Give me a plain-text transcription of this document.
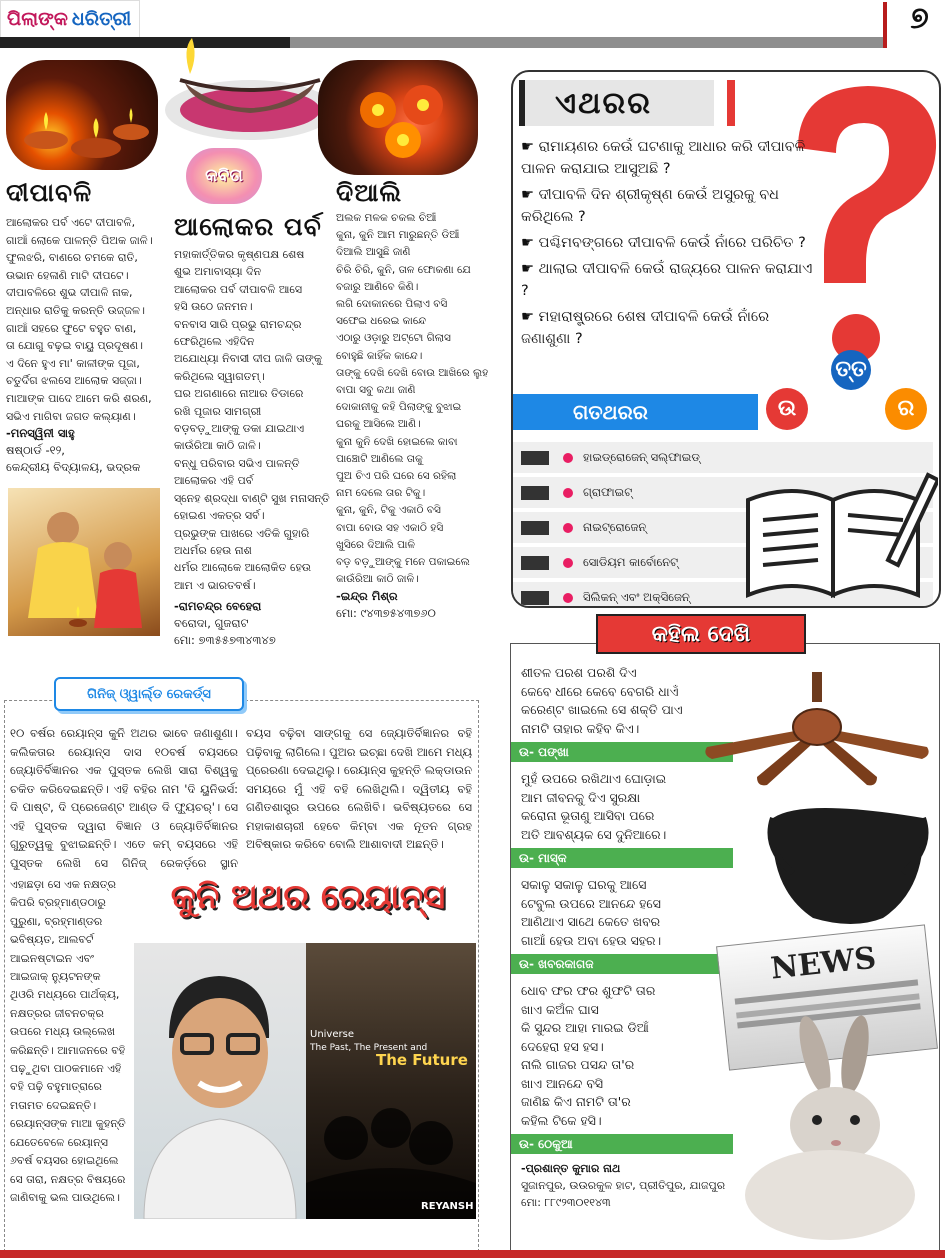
ପିଲାଙ୍କ ଧରିତ୍ରୀ	୭
କବିତା
ଦୀପାବଳି

ଆଲୋକର ପର୍ବ ଏଟେ ଦୀପାବଳି,

ଗାଆଁ ଲୋକେ ପାଳନ୍ତି ପିଅକ ଜାଳି।

ଫୁଲଝରି, ବାଣରେ ଚମକେ ରାତି,

ଉଭାନ ହେଳାଣି ମାଟି ଦୀପଟେ।

ଦୀପାବଳିରେ ଶୁଭ ଦୀପାଳି ନାକ,

ଅନ୍ଧାର ରାତିକୁ କରନ୍ତି ଉଜ୍ଜଳ।

ଗାଆଁ ସହରେ ଫୁଟେ ବହୁତ ବାଣ,

ତା ଯୋଗୁ ବଢ଼ଇ ବାୟୁ ପ୍ରଦୂଷଣ।

ଏ ଦିନେ ହୁଏ ମା' କାଳୀଙ୍କ ପୂଜା,

ଚତୁର୍ଦିଗ ଝଲସେ ଆଲୋକ ସଜ୍ଜା।

ମାଆଙ୍କ ପାଦେ ଆମେ କରି ଶରଣ,

ସଭିଏ ମାଗିବା ଜଗତ କଲ୍ୟାଣ।

-ମନସ୍ୱିନୀ ସାହୁ
ଷଷ୍ଠାର୍ଡ -୧୨,
କେନ୍ଦ୍ରୀୟ ବିଦ୍ୟାଳୟ, ଭଦ୍ରକ
ଆଲୋକର ପର୍ବ

ମହାକାର୍ତ୍ତିକର କୃଷ୍ଣପକ୍ଷ ଶେଷ

ଶୁଭ ଅମାବାସ୍ୟା ଦିନ

ଆଲୋକର ପର୍ବ ଦୀପାବଳି ଆସେ

ହସି ଉଠେ ଜନମନ।

ବନବାସ ସାରି ପ୍ରଭୁ ରାମଚନ୍ଦ୍ର

ଫେରିଥିଲେ ଏହିଦିନ

ଅଯୋଧ୍ୟା ନିବାସୀ ଦୀପ ଜାଳି ତାଙ୍କୁ

କରିଥିଲେ ସ୍ୱାଗତମ୍।

ଘର ଅଗଣାରେ ନାଆର ତିଡାରେ

ରଖି ପୂଜାର ସାମଗ୍ରୀ

ବଡ଼ବଡ଼ୁଆଙ୍କୁ ଡକା ଯାଇଥାଏ

କାଉଁରିଆ କାଠି ଜାଳି।

ବନ୍ଧୁ ପରିବାର ସଭିଏ ପାଳନ୍ତି

ଆଲୋକର ଏହି ପର୍ବ

ସ୍ନେହ ଶ୍ରଦ୍ଧା ବାଣ୍ଟି ସୁଖ ମନାସନ୍ତି

ହୋଇଣ ଏକତ୍ର ସର୍ବ।

ପ୍ରଭୁଙ୍କ ପାଖରେ ଏତିକି ଗୁହାରି

ଅଧର୍ମର ହେଉ ନାଶ

ଧର୍ମର ଆଲୋକେ ଆଲୋକିତ ହେଉ

ଆମ ଏ ଭାରତବର୍ଷ।

-ରାମଚନ୍ଦ୍ର ବେହେରା
ବରୋଦା, ଗୁଜରାଟ
ମୋ: ୭୩୫୫୭୩୪୩୪୭
ଦିଆଲି

ଅଲକ ମଳକ ଚକଲ ଚିଆଁ

କୁନା, କୁନି ଆମ ମାରୁଛନ୍ତି ଡିଆଁ

ଦିଆଲି ଆସୁଛି ଜାଣି

ଚିରି ଚିରି, କୁନି, ତାଳ ଫୋକଣା ଯେ

ବଜାରୁ ଆଣିବେ କିଣି।

ଲଗି ଦୋକାନରେ ପିଲାଏ ବସି

ସଫେଇ ଧରେଇ କାନ୍ଦେ

ଏଠାରୁ ଓଡ଼ାରୁ ଅଟ୍ଟୋ ଗିଲାସ

ବୋହୁଛି କାହିଁକ କାନ୍ଦେ।

ତାଙ୍କୁ ଦେଖି ଦେଖି ବୋଉ ଆଖିରେ ଲୁହ

ବାପା ସବୁ କଥା ଜାଣି

ଦୋକାନୀକୁ କହି ପିଲାଙ୍କୁ ବୁଝାଇ

ଘରକୁ ଆସିଲେ ଆଣି।

କୁନା କୁନି ଦେଖି ହୋଇଲେ କାବା

ପାଞ୍ଚୋଟି ଆଣିଲେ ତାକୁ

ପୁଅ ଚିଏ ପରି ଘରେ ସେ ରହିଲା

ନାମ ଦେଲେ ତାର ଟିକୁ।

କୁନା, କୁନି, ଟିକୁ ଏକାଠି ବସି

ବାପା ବୋଉ ସହ ଏକାଠି ହସି

ଖୁସିରେ ଦିଆଲି ପାଳି

ବଡ଼ ବଡ଼ୁଆଙ୍କୁ ମନେ ପକାଇଲେ

କାଉଁରିଆ କାଠି ଜାଳି।

-ଇନ୍ଦ୍ର ମିଶ୍ର
ମୋ: ୯୪୩୭୫୪୩୭୬୦
ଏଥରର
☛ ରାମାୟଣର କେଉଁ ଘଟଣାକୁ ଆଧାର କରି ଦୀପାବଳି ପାଳନ କରାଯାଇ ଆସୁଅଛି ?
☛ ଦୀପାବଳି ଦିନ ଶ୍ରୀକୃଷ୍ଣ କେଉଁ ଅସୁରକୁ ବଧ କରିଥିଲେ ?
☛ ପଶ୍ଚିମବଙ୍ଗରେ ଦୀପାବଳି କେଉଁ ନାଁରେ ପରିଚିତ ?
☛ ଥାଲାଇ ଦୀପାବଳି କେଉଁ ରାଜ୍ୟରେ ପାଳନ କରାଯାଏ ?
☛ ମହାରାଷ୍ଟ୍ରରେ ଶେଷ ଦୀପାବଳି କେଉଁ ନାଁରେ ଜଣାଶୁଣା ?
ତ୍ତ
ଉ	ର
ଗତଥରର
ହାଇଡ୍ରୋଜେନ୍ ସଲ୍‌ଫାଇଡ୍
ଗ୍ରାଫାଇଟ୍
ନାଇଟ୍ରୋଜେନ୍
ସୋଡିୟମ କାର୍ବୋନେଟ୍
ସିଲିକନ୍ ଏବଂ ଅକ୍ସିଜେନ୍
କହିଲ ଦେଖି
ଶୀତଳ ପରଶ ପରଶି ଦିଏ
କେବେ ଧୀରେ କେବେ ବେଗରି ଧାଏଁ
କରେଣ୍ଟ ଖାଇଲେ ସେ ଶକ୍ତି ପାଏ
ନାମଟି ତାହାର କହିବ କିଏ।
ଉ- ପଙ୍ଖା
ମୁହଁ ଉପରେ ରଖିଥାଏ ଘୋଡ଼ାଇ
ଆମ ଜୀବନକୁ ଦିଏ ସୁରକ୍ଷା
କରୋନା ଭୂତାଣୁ ଆସିବା ପରେ
ଅତି ଆବଶ୍ୟକ ସେ ଦୁନିଆରେ।
ଉ- ମାସ୍କ
ସକାଳୁ ସକାଳୁ ଘରକୁ ଆସେ
ଟେବୁଲ ଉପରେ ଆନନ୍ଦେ ହସେ
ଆଣିଥାଏ ସାଥେ କେତେ ଖବର
ଗାଆଁ ହେଉ ଅବା ହେଉ ସହର।
ଉ- ଖବରକାଗଜ
ଧୋବ ଫର ଫର ଶୁଫଟି ତାର
ଖାଏ କଅଁଳ ଘାସ
କି ସୁନ୍ଦର ଆହା ମାରଇ ଡିଆଁ
ଦେହେରା ହସ ହସ।
ନାଲି ଗାଜର ପସନ୍ଦ ତା'ର
ଖାଏ ଆନନ୍ଦେ ବସି
ଜାଣିଛ କିଏ ନାମଟି ତା'ର
କହିଲ ଟିକେ ହସି।
ଉ- ଠେକୁଆ
-ପ୍ରଶାନ୍ତ କୁମାର ନାଥ
ସୁଜାନପୁର, ଉଉରକୁଳ ହାଟ, ପ୍ରୀତିପୁର, ଯାଜପୁର
ମୋ: ୮୮୯୨୩୦୧୧୪୩
NEWS
ଗିନିଜ୍ ଓ୍ୱାର୍ଲ୍ଡ ରେକର୍ଡ୍ସ
୧୦ ବର୍ଷର ରେୟାନ୍ସ କୁନି ଅଥର ଭାବେ ଜଣାଶୁଣା। କଲିକତାର ରେୟାନ୍ସ ଦାସ ୧୦ବର୍ଷ ବୟସରେ ଜ୍ୟୋତିର୍ବିଜ୍ଞାନର ଏକ ପୁସ୍ତକ ଲେଖି ସାରା ବିଶ୍ୱକୁ ଚକିତ କରିଦେଇଛନ୍ତି। ଏହି ବହିର ନାମ 'ଦି ୟୁନିଭର୍ସ: ଦି ପାଷ୍ଟ, ଦି ପ୍ରେଜେଣ୍ଟ ଆଣ୍ଡ ଦି ଫ୍ୟୁଚର୍'। ସେ ଏହି ପୁସ୍ତକ ଦ୍ୱାରା ବିଜ୍ଞାନ ଓ ଜ୍ୟୋତିର୍ବିଜ୍ଞାନର ଗୁରୁତ୍ୱକୁ ବୁଝାଇଛନ୍ତି। ଏତେ କମ୍ ବୟସରେ ଏହି ପୁସ୍ତକ ଲେଖି ସେ ଗିନିଜ୍ ରେକର୍ଡ଼ରେ ସ୍ଥାନ
ବୟସ ବଢ଼ିବା ସାଙ୍ଗକୁ ସେ ଜ୍ୟୋତିର୍ବିଜ୍ଞାନର ବହି ପଢ଼ିବାକୁ ଲାଗିଲେ। ପୁଅର ଇଚ୍ଛା ଦେଖି ଆମେ ମଧ୍ୟ ପ୍ରେରଣା ଦେଇଥିଲୁ। ରେୟାନ୍ସ କୁହନ୍ତି ଲକ୍‌ଡାଉନ ସମୟରେ ମୁଁ ଏହି ବହି ଲେଖିଥିଲି। ଦ୍ୱିତୀୟ ବହି ଗଣିତଶାସ୍ତ୍ର ଉପରେ ଲେଖିବି। ଭବିଷ୍ୟତରେ ସେ ମହାକାଶଚାରୀ ହେବେ କିମ୍ବା ଏକ ନୂତନ ଗ୍ରହ ଅବିଷ୍କାର କରିବେ ବୋଲି ଆଶାବାଦୀ ଅଛନ୍ତି।
କୁନି ଅଥର ରେୟାନ୍ସ
ଏହାଛଡ଼ା ସେ ଏକ ନକ୍ଷତ୍ର କିପରି ବ୍ରହ୍ମାଣ୍ଡଠାରୁ ପୁରୁଣା, ବ୍ରହ୍ମାଣ୍ଡର ଭବିଷ୍ୟତ, ଆଲବର୍ଟ ଆଇନଷ୍ଟାଇନ ଏବଂ ଆଇଜାକ୍ ନ୍ୟୁଟନଙ୍କ ଥିଓରି ମଧ୍ୟରେ ପାର୍ଥକ୍ୟ, ନକ୍ଷତ୍ରର ଜୀବନଚକ୍ର ଉପରେ ମଧ୍ୟ ଉଲ୍ଲେଖ କରିଛନ୍ତି। ଆମାଜନରେ ବହି ପଢ଼ୁଥିବା ପାଠକମାନେ ଏହି ବହି ପଢ଼ି ବହୁମାତ୍ରାରେ ମତାମତ ଦେଇଛନ୍ତି। ରେୟାନ୍ସଙ୍କ ମାଆ କୁହନ୍ତି ଯେତେବେଳେ ରେୟାନ୍ସ ୬ବର୍ଷ ବୟସର ହୋଇଥିଲେ ସେ ତାରା, ନକ୍ଷତ୍ର ବିଷୟରେ ଜାଣିବାକୁ ଭଲ ପାଉଥିଲେ।
Universe
The Past, The Present and
The Future
REYANSH
